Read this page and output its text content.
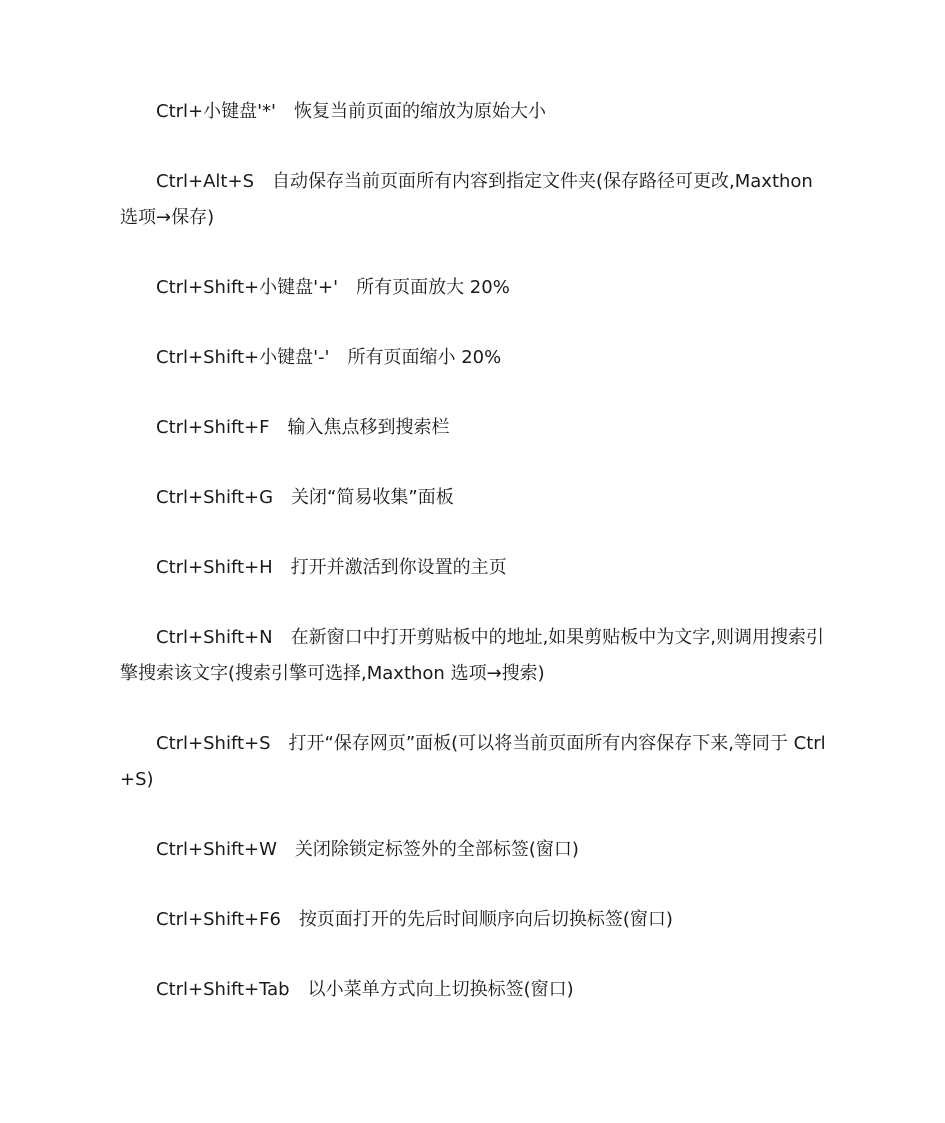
Ctrl+小键盘'*'　恢复当前页面的缩放为原始大小

Ctrl+Alt+S　自动保存当前页面所有内容到指定文件夹(保存路径可更改,Maxthon 选项→保存)

Ctrl+Shift+小键盘'+'　所有页面放大 20%

Ctrl+Shift+小键盘'-'　所有页面缩小 20%

Ctrl+Shift+F　输入焦点移到搜索栏

Ctrl+Shift+G　关闭“简易收集”面板

Ctrl+Shift+H　打开并激活到你设置的主页

Ctrl+Shift+N　在新窗口中打开剪贴板中的地址,如果剪贴板中为文字,则调用搜索引擎搜索该文字(搜索引擎可选择,Maxthon 选项→搜索)

Ctrl+Shift+S　打开“保存网页”面板(可以将当前页面所有内容保存下来,等同于 Ctrl+S)

Ctrl+Shift+W　关闭除锁定标签外的全部标签(窗口)

Ctrl+Shift+F6　按页面打开的先后时间顺序向后切换标签(窗口)

Ctrl+Shift+Tab　以小菜单方式向上切换标签(窗口)
